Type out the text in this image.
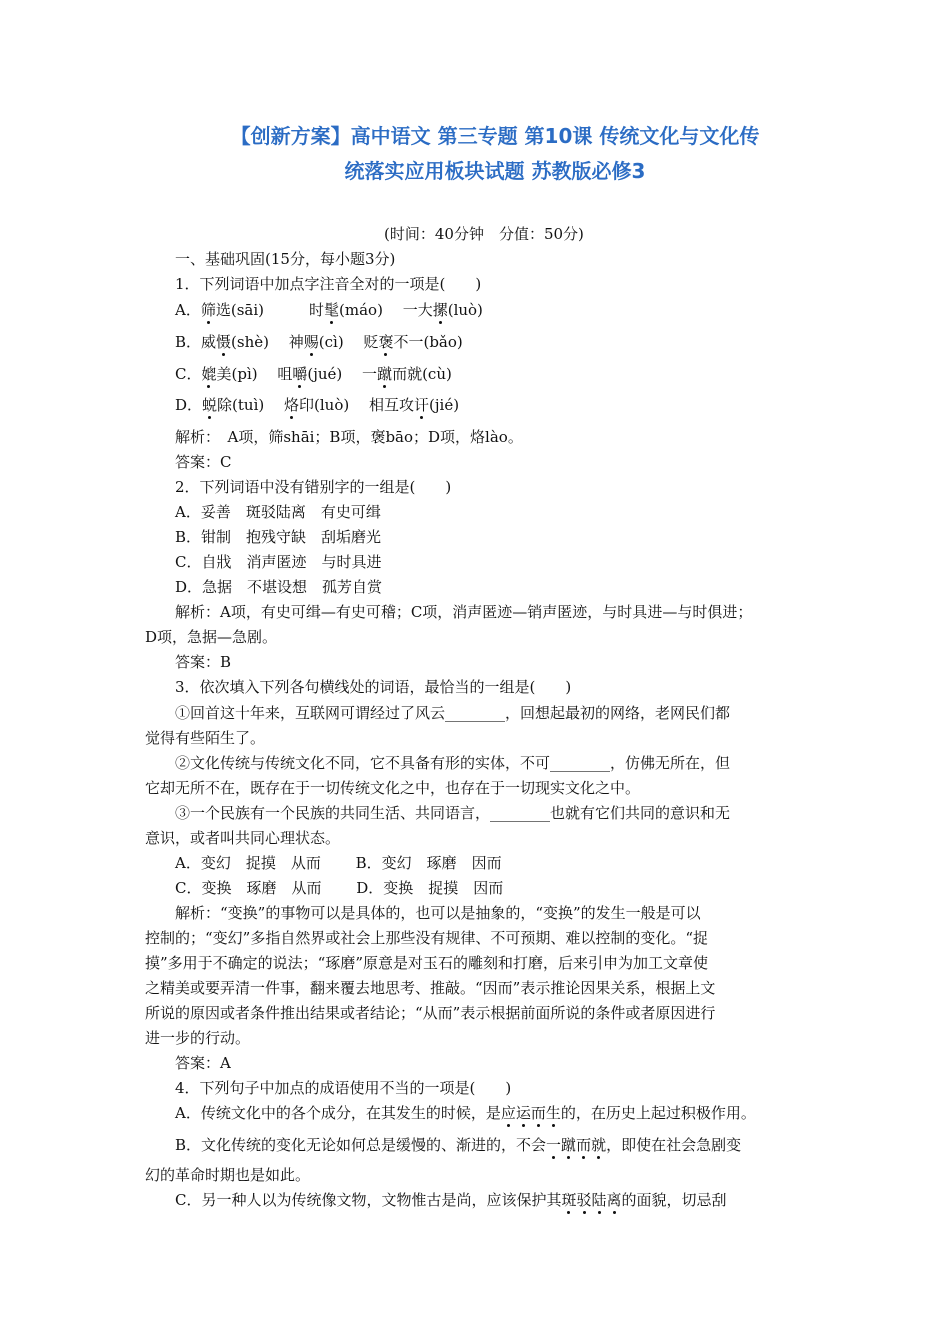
【创新方案】高中语文 第三专题 第10课 传统文化与文化传
统落实应用板块试题 苏教版必修3
(时间：40分钟　分值：50分)
一、基础巩固(15分，每小题3分)
1．下列词语中加点字注音全对的一项是(　　)
A．筛选(sāi)　　　时髦(máo)　 一大摞(luò)
B．威慑(shè)　 神赐(cì)　 贬褒不一(bǎo)
C．媲美(pì)　 咀嚼(jué)　 一蹴而就(cù)
D．蜕除(tuì)　 烙印(luò)　 相互攻讦(jié)
解析：　A项，筛shāi；B项，褒bāo；D项，烙lào。
答案：C
2．下列词语中没有错别字的一组是(　　)
A．妥善　斑驳陆离　有史可缉
B．钳制　抱残守缺　刮垢磨光
C．自戕　消声匿迹　与时具进
D．急据　不堪设想　孤芳自赏
解析：A项，有史可缉—有史可稽；C项，消声匿迹—销声匿迹，与时具进—与时俱进；
D项，急据—急剧。
答案：B
3．依次填入下列各句横线处的词语，最恰当的一组是(　　)
①回首这十年来，互联网可谓经过了风云________，回想起最初的网络，老网民们都
觉得有些陌生了。
②文化传统与传统文化不同，它不具备有形的实体，不可________，仿佛无所在，但
它却无所不在，既存在于一切传统文化之中，也存在于一切现实文化之中。
③一个民族有一个民族的共同生活、共同语言，________也就有它们共同的意识和无
意识，或者叫共同心理状态。
A．变幻　捉摸　从而　　 B．变幻　琢磨　因而
C．变换　琢磨　从而　　 D．变换　捉摸　因而
解析：“变换”的事物可以是具体的，也可以是抽象的，“变换”的发生一般是可以
控制的；“变幻”多指自然界或社会上那些没有规律、不可预期、难以控制的变化。“捉
摸”多用于不确定的说法；“琢磨”原意是对玉石的雕刻和打磨，后来引申为加工文章使
之精美或要弄清一件事，翻来覆去地思考、推敲。“因而”表示推论因果关系，根据上文
所说的原因或者条件推出结果或者结论；“从而”表示根据前面所说的条件或者原因进行
进一步的行动。
答案：A
4．下列句子中加点的成语使用不当的一项是(　　)
A．传统文化中的各个成分，在其发生的时候，是应运而生的，在历史上起过积极作用。
B．文化传统的变化无论如何总是缓慢的、渐进的，不会一蹴而就，即使在社会急剧变
幻的革命时期也是如此。
C．另一种人以为传统像文物，文物惟古是尚，应该保护其斑驳陆离的面貌，切忌刮
